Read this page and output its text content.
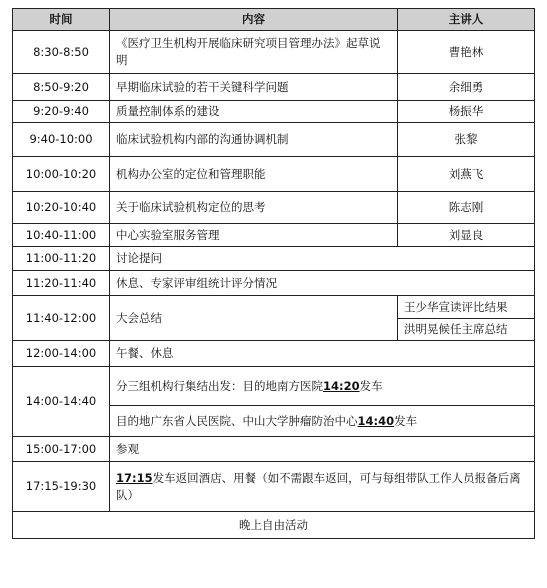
时间	内容	主讲人
8:30-8:50	《医疗卫生机构开展临床研究项目管理办法》起草说明	曹艳林
8:50-9:20	早期临床试验的若干关键科学问题	余细勇
9:20-9:40	质量控制体系的建设	杨振华
9:40-10:00	临床试验机构内部的沟通协调机制	张黎
10:00-10:20	机构办公室的定位和管理职能	刘燕飞
10:20-10:40	关于临床试验机构定位的思考	陈志刚
10:40-11:00	中心实验室服务管理	刘显良
11:00-11:20	讨论提问	
11:20-11:40	休息、专家评审组统计评分情况	
11:40-12:00	大会总结	王少华宣读评比结果
		洪明晃候任主席总结
12:00-14:00	午餐、休息	
14:00-14:40	分三组机构行集结出发：目的地南方医院14:20发车	
	目的地广东省人民医院、中山大学肿瘤防治中心14:40发车	
15:00-17:00	参观	
17:15-19:30	17:15发车返回酒店、用餐（如不需跟车返回，可与每组带队工作人员报备后离队）	
晚上自由活动		
